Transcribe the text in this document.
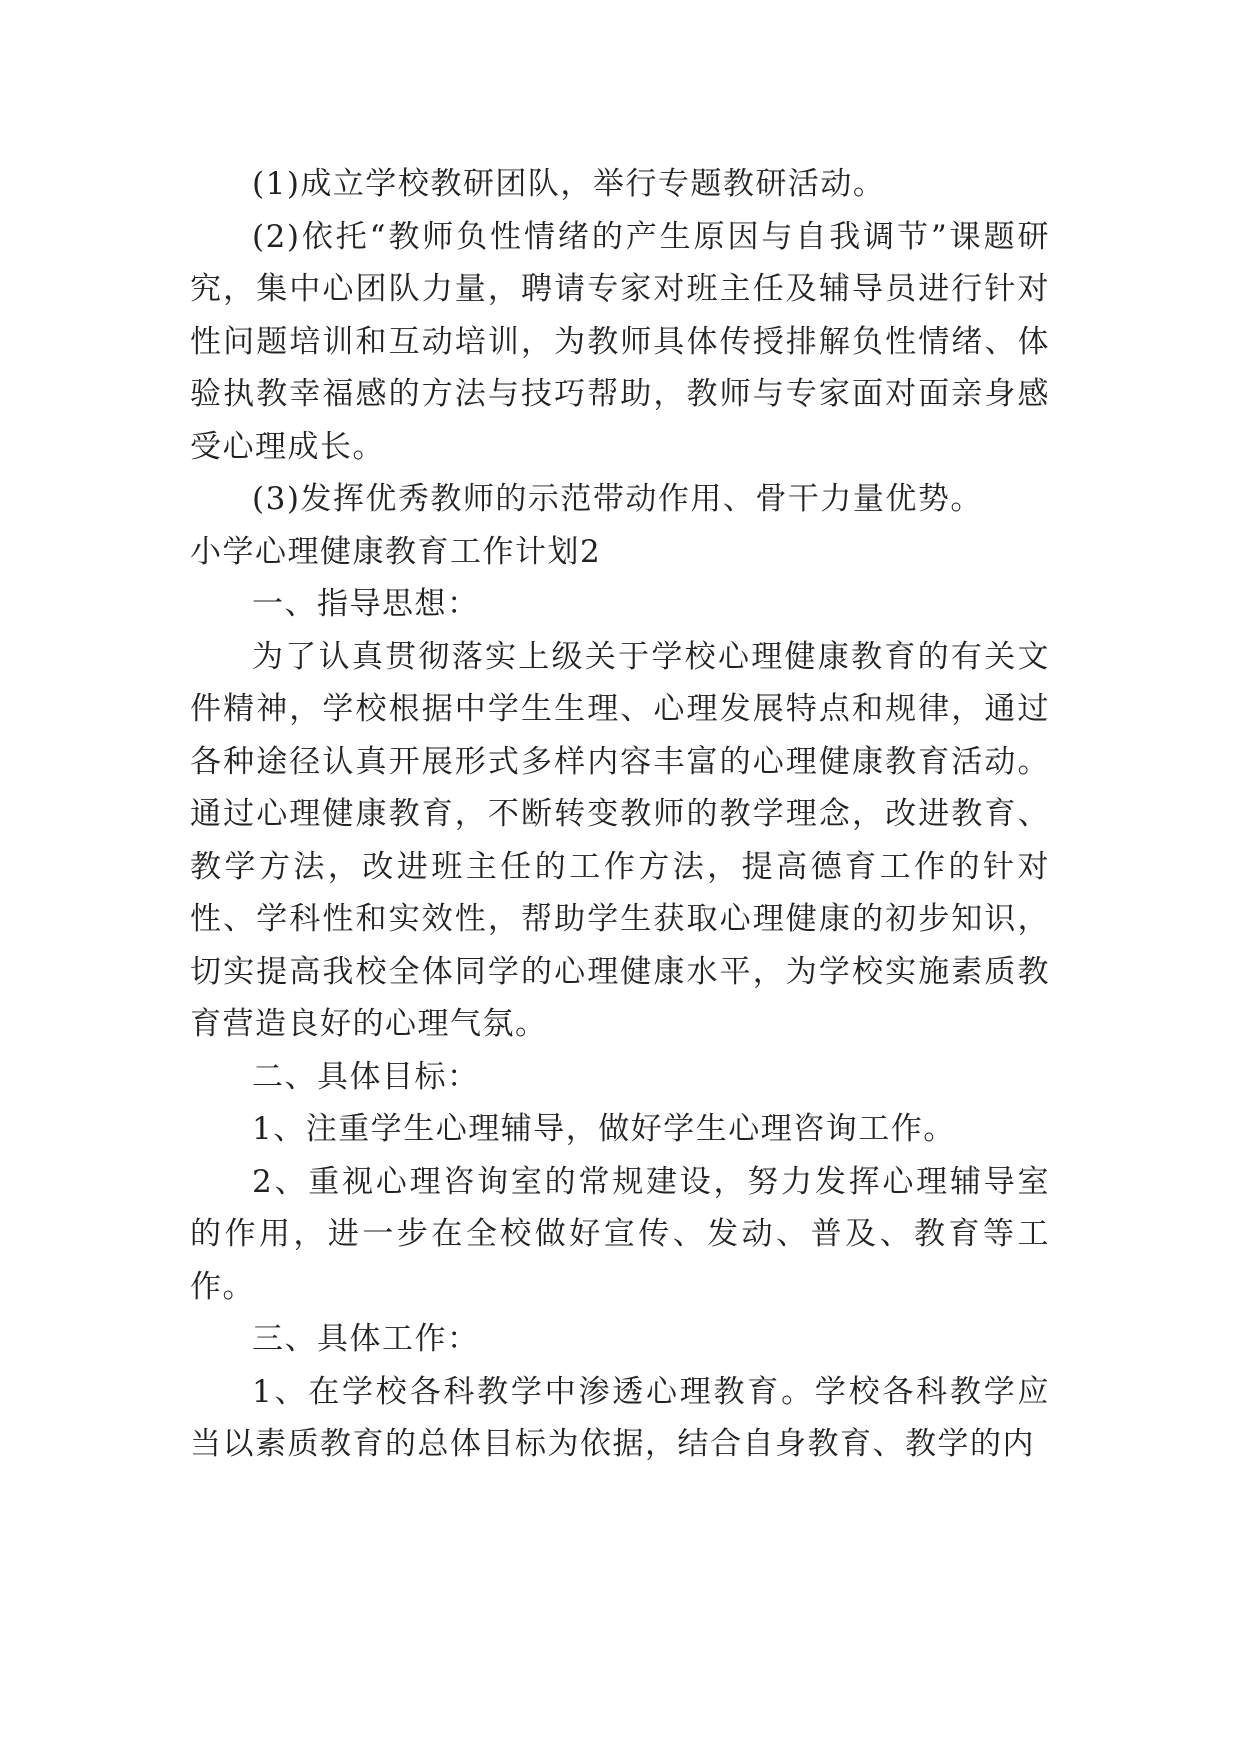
(1)成立学校教研团队，举行专题教研活动。

(2)依托“教师负性情绪的产生原因与自我调节”课题研究，集中心团队力量，聘请专家对班主任及辅导员进行针对性问题培训和互动培训，为教师具体传授排解负性情绪、体验执教幸福感的方法与技巧帮助，教师与专家面对面亲身感受心理成长。

(3)发挥优秀教师的示范带动作用、骨干力量优势。

小学心理健康教育工作计划2

一、指导思想：

为了认真贯彻落实上级关于学校心理健康教育的有关文件精神，学校根据中学生生理、心理发展特点和规律，通过各种途径认真开展形式多样内容丰富的心理健康教育活动。通过心理健康教育，不断转变教师的教学理念，改进教育、教学方法，改进班主任的工作方法，提高德育工作的针对性、学科性和实效性，帮助学生获取心理健康的初步知识，切实提高我校全体同学的心理健康水平，为学校实施素质教育营造良好的心理气氛。

二、具体目标：

1、注重学生心理辅导，做好学生心理咨询工作。

2、重视心理咨询室的常规建设，努力发挥心理辅导室的作用，进一步在全校做好宣传、发动、普及、教育等工作。

三、具体工作：

1、在学校各科教学中渗透心理教育。学校各科教学应当以素质教育的总体目标为依据，结合自身教育、教学的内
